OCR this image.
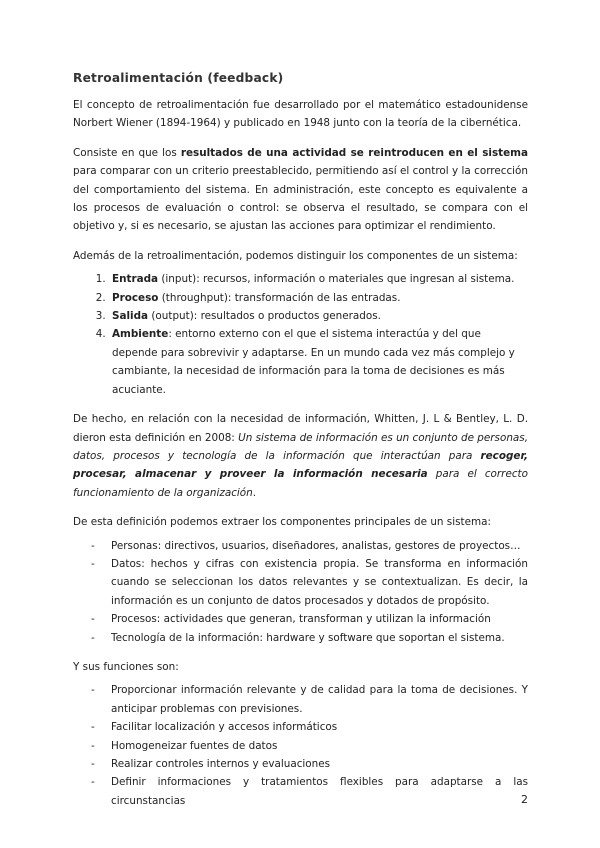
Retroalimentación (feedback)

El concepto de retroalimentación fue desarrollado por el matemático estadounidense Norbert Wiener (1894-1964) y publicado en 1948 junto con la teoría de la cibernética.

Consiste en que los resultados de una actividad se reintroducen en el sistema para comparar con un criterio preestablecido, permitiendo así el control y la corrección del comportamiento del sistema. En administración, este concepto es equivalente a los procesos de evaluación o control: se observa el resultado, se compara con el objetivo y, si es necesario, se ajustan las acciones para optimizar el rendimiento.

Además de la retroalimentación, podemos distinguir los componentes de un sistema:

1. Entrada (input): recursos, información o materiales que ingresan al sistema.
2. Proceso (throughput): transformación de las entradas.
3. Salida (output): resultados o productos generados.
4. Ambiente: entorno externo con el que el sistema interactúa y del que depende para sobrevivir y adaptarse. En un mundo cada vez más complejo y cambiante, la necesidad de información para la toma de decisiones es más acuciante.

De hecho, en relación con la necesidad de información, Whitten, J. L & Bentley, L. D. dieron esta definición en 2008: Un sistema de información es un conjunto de personas, datos, procesos y tecnología de la información que interactúan para recoger, procesar, almacenar y proveer la información necesaria para el correcto funcionamiento de la organización.

De esta definición podemos extraer los componentes principales de un sistema:

- Personas: directivos, usuarios, diseñadores, analistas, gestores de proyectos…
- Datos: hechos y cifras con existencia propia. Se transforma en información cuando se seleccionan los datos relevantes y se contextualizan. Es decir, la información es un conjunto de datos procesados y dotados de propósito.
- Procesos: actividades que generan, transforman y utilizan la información
- Tecnología de la información: hardware y software que soportan el sistema.

Y sus funciones son:

- Proporcionar información relevante y de calidad para la toma de decisiones. Y anticipar problemas con previsiones.
- Facilitar localización y accesos informáticos
- Homogeneizar fuentes de datos
- Realizar controles internos y evaluaciones
- Definir informaciones y tratamientos flexibles para adaptarse a las circunstancias	2
